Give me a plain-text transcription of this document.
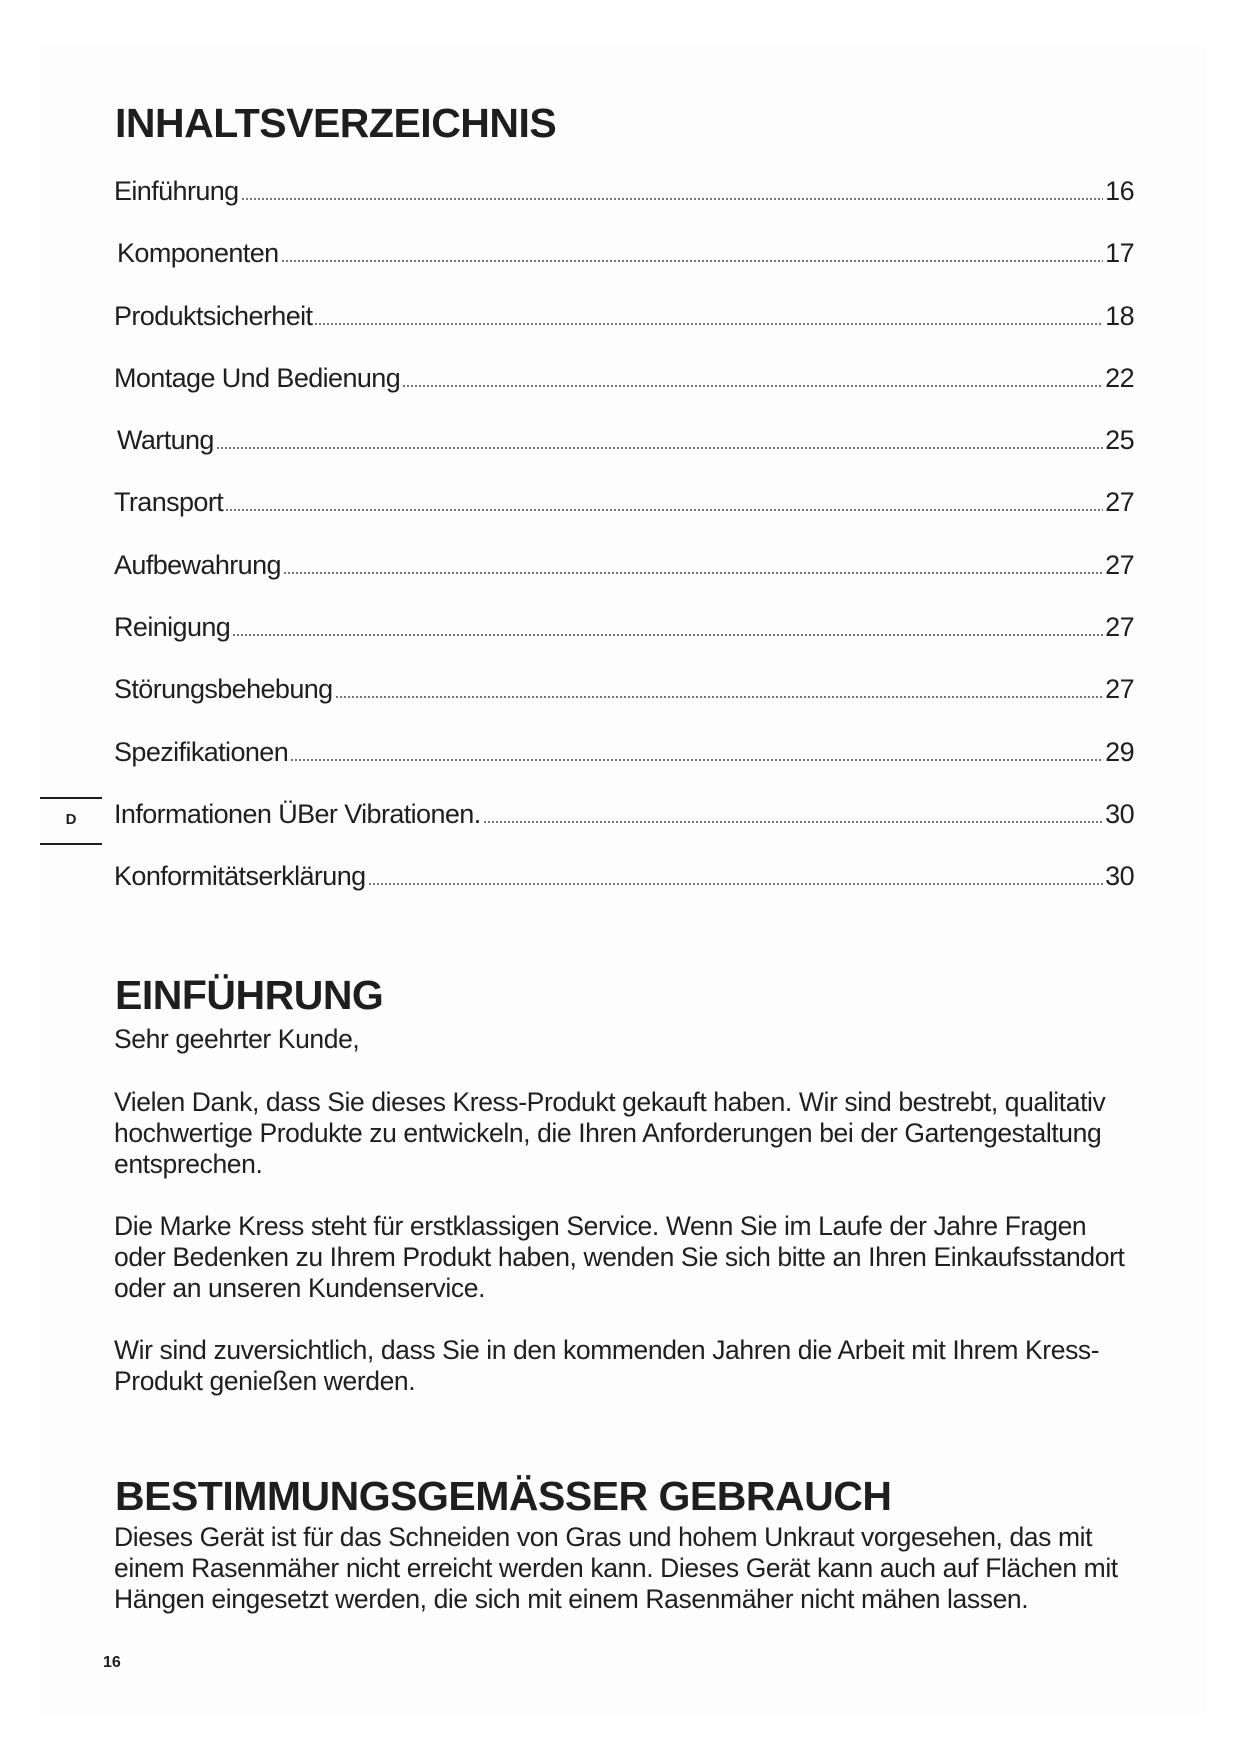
INHALTSVERZEICHNIS
Einführung	16
Komponenten	17
Produktsicherheit	18
Montage Und Bedienung	22
Wartung	25
Transport	27
Aufbewahrung	27
Reinigung	27
Störungsbehebung	27
Spezifikationen	29
Informationen ÜBer Vibrationen.	30
Konformitätserklärung	30
D
EINFÜHRUNG
Sehr geehrter Kunde,
Vielen Dank, dass Sie dieses Kress-Produkt gekauft haben. Wir sind bestrebt, qualitativ hochwertige Produkte zu entwickeln, die Ihren Anforderungen bei der Gartengestaltung entsprechen.
Die Marke Kress steht für erstklassigen Service. Wenn Sie im Laufe der Jahre Fragen oder Bedenken zu Ihrem Produkt haben, wenden Sie sich bitte an Ihren Einkaufsstandort oder an unseren Kundenservice.
Wir sind zuversichtlich, dass Sie in den kommenden Jahren die Arbeit mit Ihrem Kress-Produkt genießen werden.
BESTIMMUNGSGEMÄSSER GEBRAUCH
Dieses Gerät ist für das Schneiden von Gras und hohem Unkraut vorgesehen, das mit einem Rasenmäher nicht erreicht werden kann. Dieses Gerät kann auch auf Flächen mit Hängen eingesetzt werden, die sich mit einem Rasenmäher nicht mähen lassen.
16
